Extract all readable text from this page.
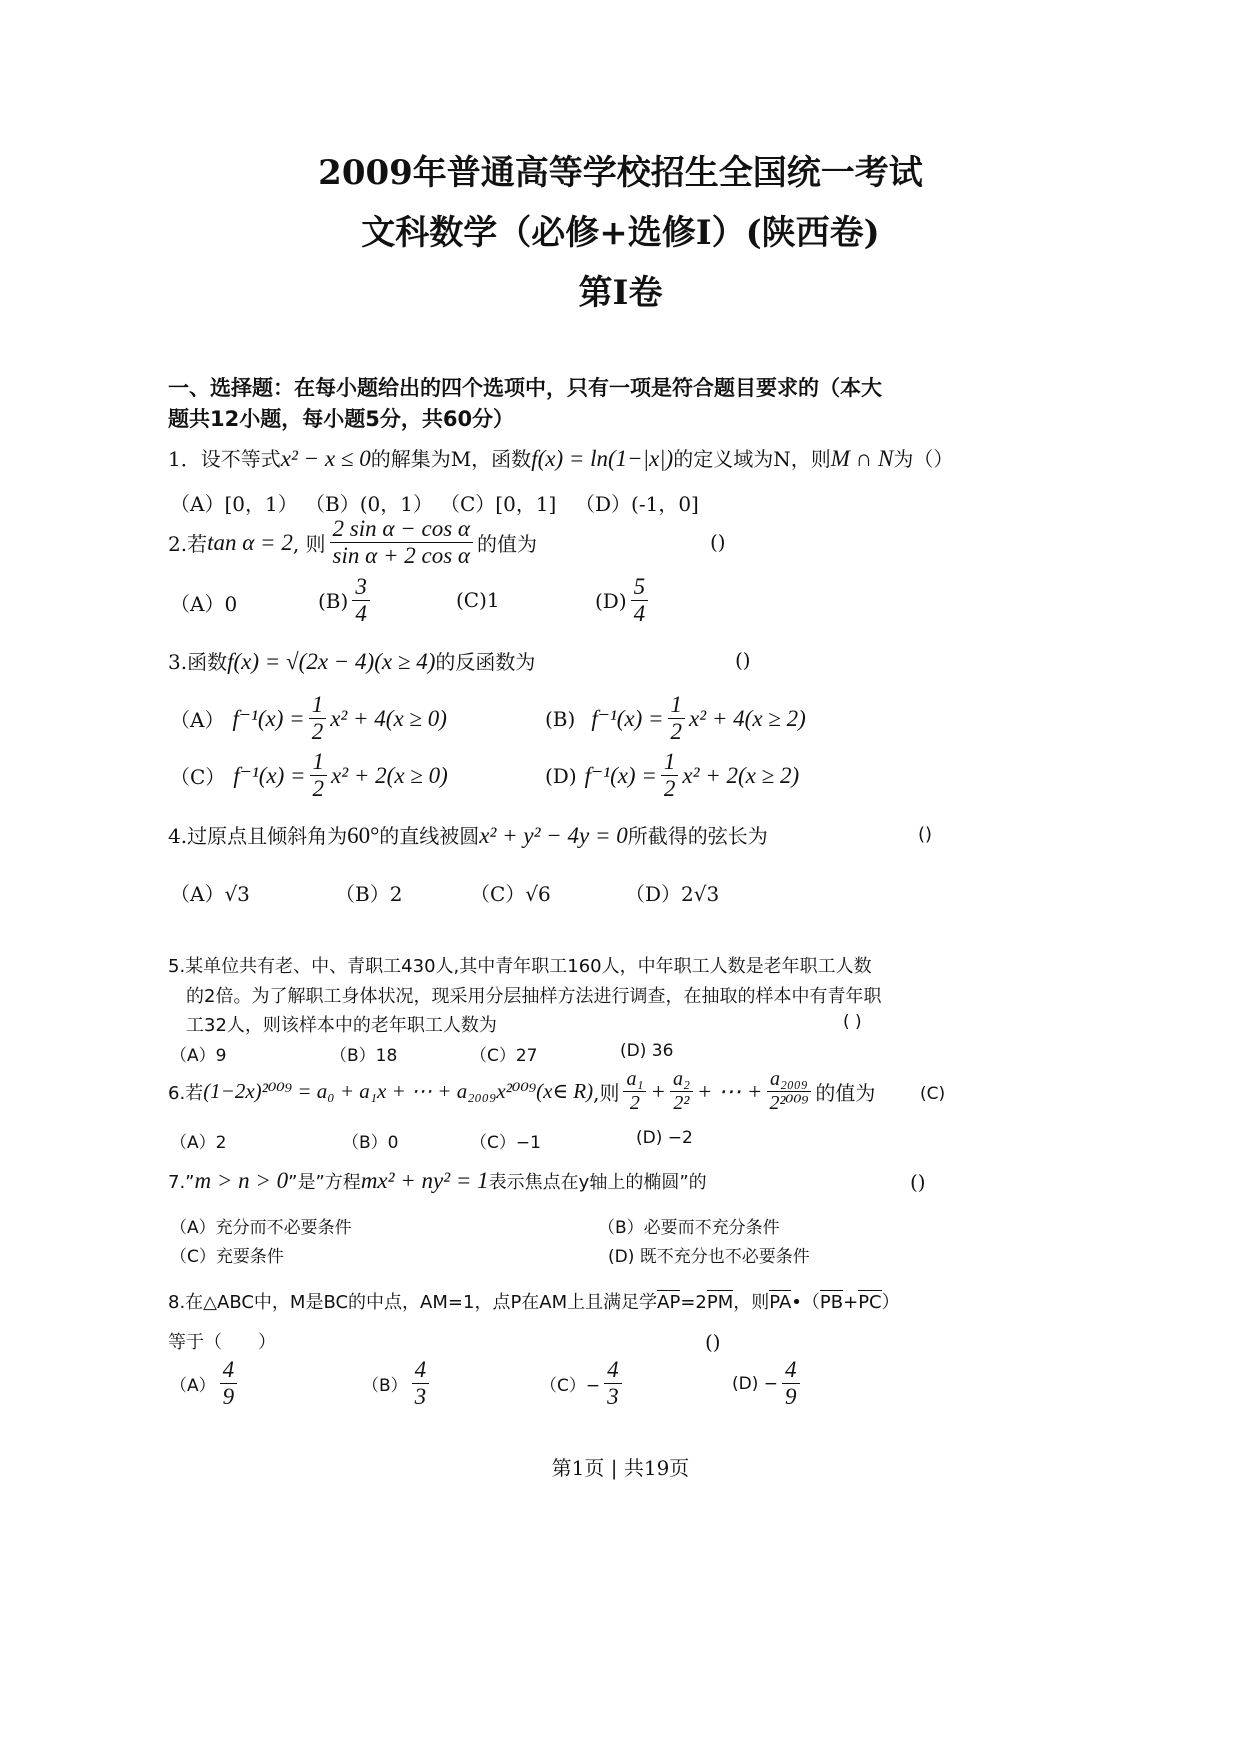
2009年普通高等学校招生全国统一考试
文科数学（必修+选修Ⅰ）(陕西卷)
第Ⅰ卷
一、选择题：在每小题给出的四个选项中，只有一项是符合题目要求的（本大
题共12小题，每小题5分，共60分）
1．设不等式x² − x ≤ 0的解集为M，函数f(x) = ln(1−|x|)的定义域为N，则M ∩ N为（）
（A）[0，1） （B）(0，1） （C）[0，1] （D）(-1，0]
2.若 tan α = 2 , 则 $\frac{\text{2 sin α − cos α}}{\text{sin α + 2 cos α}}$ 的值为	()
（A）0	$(B) \frac{3}{4}$	(C)1	$(D) \frac{5}{4}$
3.函数f(x) = √(2x − 4)(x ≥ 4)的反函数为	()
（A） $f^{-1}(x) = \frac{1}{2} x^2 + 4(x \ge 0)$	(B) $f^{-1}(x) = \frac{1}{2} x^2 + 4(x \ge 2)$
（C） $f^{-1}(x) = \frac{1}{2} x^2 + 2(x \ge 0)$	(D) $f^{-1}(x) = \frac{1}{2} x^2 + 2(x \ge 2)$
4.过原点且倾斜角为60°的直线被圆x² + y² − 4y = 0所截得的弦长为	()
（A）√3	（B）2	（C）√6	（D）2√3
5.某单位共有老、中、青职工430人,其中青年职工160人，中年职工人数是老年职工人数
的2倍。为了解职工身体状况，现采用分层抽样方法进行调查，在抽取的样本中有青年职
工32人，则该样本中的老年职工人数为	( )
（A）9	（B）18	（C）27	(D) 36
6.若 (1−2x)²⁰⁰⁹ = a₀ + a₁x + ⋯ + a₂₀₀₉x²⁰⁰⁹(x∈ R) ,则 $\frac{\text{a₁}}{2} + \frac{\text{a₂}}{\text{2²}}$ + ⋯ + $\frac{\text{a₂₀₀₉}}{\text{2²⁰⁰⁹}}$ 的值为	(C)
（A）2	（B）0	（C）−1	(D) −2
7.”m > n > 0”是”方程mx² + ny² = 1表示焦点在y轴上的椭圆”的	()
（A）充分而不必要条件	（B）必要而不充分条件
（C）充要条件	(D) 既不充分也不必要条件
8.在△ABC中，M是BC的中点，AM=1，点P在AM上且满足学AP=2PM，则PA•（PB+PC）
等于（　　）	()
$(A) \frac{4}{9}$	$(B) \frac{4}{3}$	$(C)- \frac{4}{3}$	$(D) - \frac{4}{9}$
第1页 | 共19页
